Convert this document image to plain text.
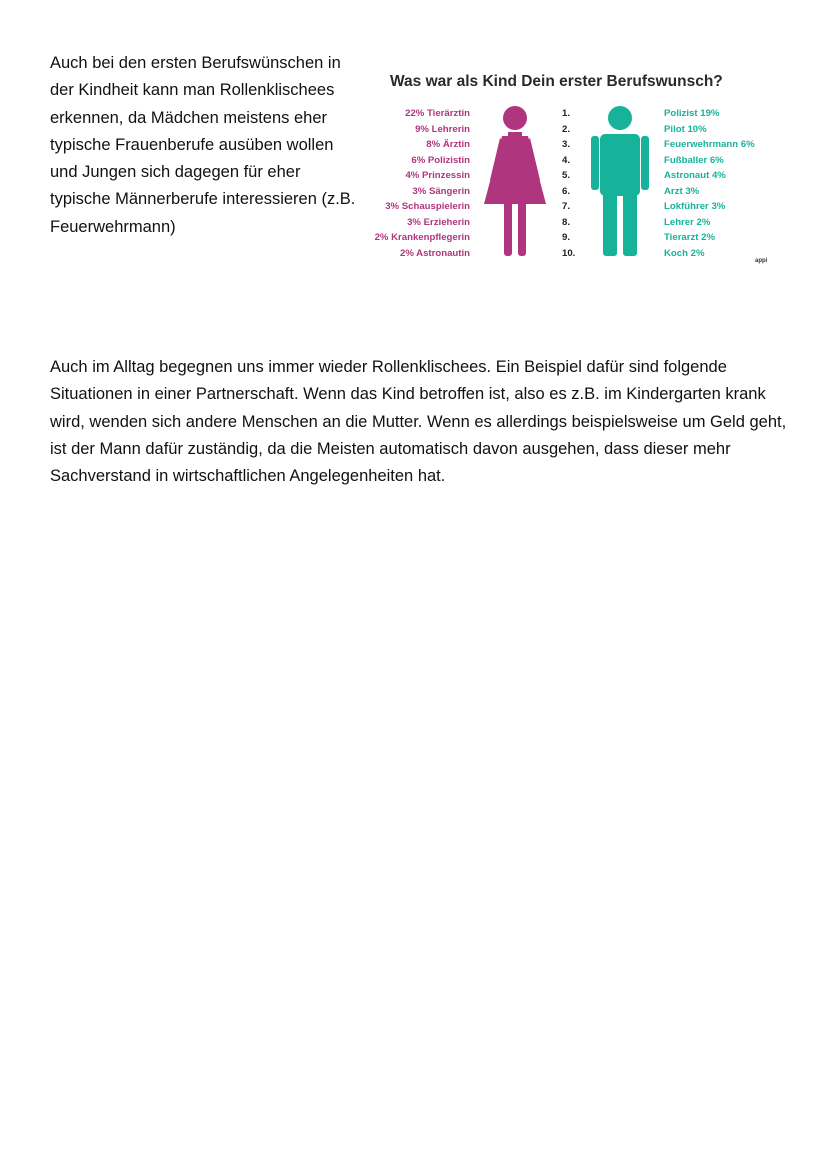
Auch bei den ersten Berufswünschen in der Kindheit kann man Rollenklischees erkennen, da Mädchen meistens eher typische Frauenberufe ausüben wollen und Jungen sich dagegen für eher typische Männerberufe interessieren (z.B. Feuerwehrmann)

Was war als Kind Dein erster Berufswunsch?
22% Tierärztin
9% Lehrerin
8% Ärztin
6% Polizistin
4% Prinzessin
3% Sängerin
3% Schauspielerin
3% Erzieherin
2% Krankenpflegerin
2% Astronautin
1.
2.
3.
4.
5.
6.
7.
8.
9.
10.
Polizist 19%
Pilot 10%
Feuerwehrmann 6%
Fußballer 6%
Astronaut 4%
Arzt 3%
Lokführer 3%
Lehrer 2%
Tierarzt 2%
Koch 2%
appi

Auch im Alltag begegnen uns immer wieder Rollenklischees. Ein Beispiel dafür sind folgende Situationen in einer Partnerschaft. Wenn das Kind betroffen ist, also es z.B. im Kindergarten krank wird, wenden sich andere Menschen an die Mutter. Wenn es allerdings beispielsweise um Geld geht, ist der Mann dafür zuständig, da die Meisten automatisch davon ausgehen, dass dieser mehr Sachverstand in wirtschaftlichen Angelegenheiten hat.
